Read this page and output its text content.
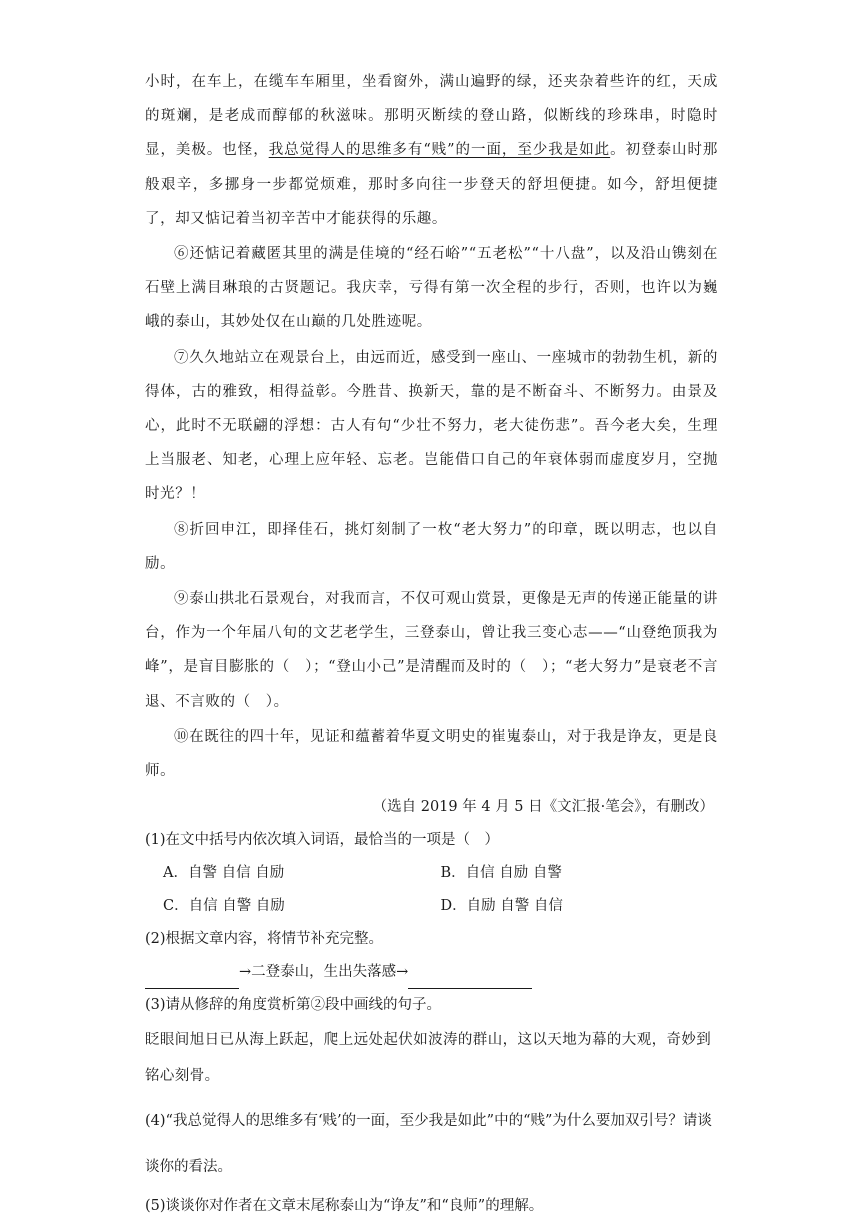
小时，在车上，在缆车车厢里，坐看窗外，满山遍野的绿，还夹杂着些许的红，天成的斑斓，是老成而醇郁的秋滋味。那明灭断续的登山路，似断线的珍珠串，时隐时显，美极。也怪，我总觉得人的思维多有“贱”的一面，至少我是如此。初登泰山时那般艰辛，多挪身一步都觉烦难，那时多向往一步登天的舒坦便捷。如今，舒坦便捷了，却又惦记着当初辛苦中才能获得的乐趣。

⑥还惦记着藏匿其里的满是佳境的“经石峪”“五老松”“十八盘”，以及沿山镌刻在石壁上满目琳琅的古贤题记。我庆幸，亏得有第一次全程的步行，否则，也许以为巍峨的泰山，其妙处仅在山巅的几处胜迹呢。

⑦久久地站立在观景台上，由远而近，感受到一座山、一座城市的勃勃生机，新的得体，古的雅致，相得益彰。今胜昔、换新天，靠的是不断奋斗、不断努力。由景及心，此时不无联翩的浮想：古人有句“少壮不努力，老大徒伤悲”。吾今老大矣，生理上当服老、知老，心理上应年轻、忘老。岂能借口自己的年衰体弱而虚度岁月，空抛时光？！

⑧折回申江，即择佳石，挑灯刻制了一枚“老大努力”的印章，既以明志，也以自励。

⑨泰山拱北石景观台，对我而言，不仅可观山赏景，更像是无声的传递正能量的讲台，作为一个年届八旬的文艺老学生，三登泰山，曾让我三变心志——“山登绝顶我为峰”，是盲目膨胀的（　）；“登山小己”是清醒而及时的（　）；“老大努力”是衰老不言退、不言败的（　）。

⑩在既往的四十年，见证和蕴蓄着华夏文明史的崔嵬泰山，对于我是诤友，更是良师。

（选自 2019 年 4 月 5 日《文汇报·笔会》，有删改）

(1)在文中括号内依次填入词语，最恰当的一项是（　）

A．自警 自信 自励	B．自信 自励 自警
C．自信 自警 自励	D．自励 自警 自信

(2)根据文章内容，将情节补充完整。

→二登泰山，生出失落感→

(3)请从修辞的角度赏析第②段中画线的句子。

眨眼间旭日已从海上跃起，爬上远处起伏如波涛的群山，这以天地为幕的大观，奇妙到铭心刻骨。

(4)“我总觉得人的思维多有‘贱’的一面，至少我是如此”中的“贱”为什么要加双引号？请谈谈你的看法。

(5)谈谈你对作者在文章末尾称泰山为“诤友”和“良师”的理解。
